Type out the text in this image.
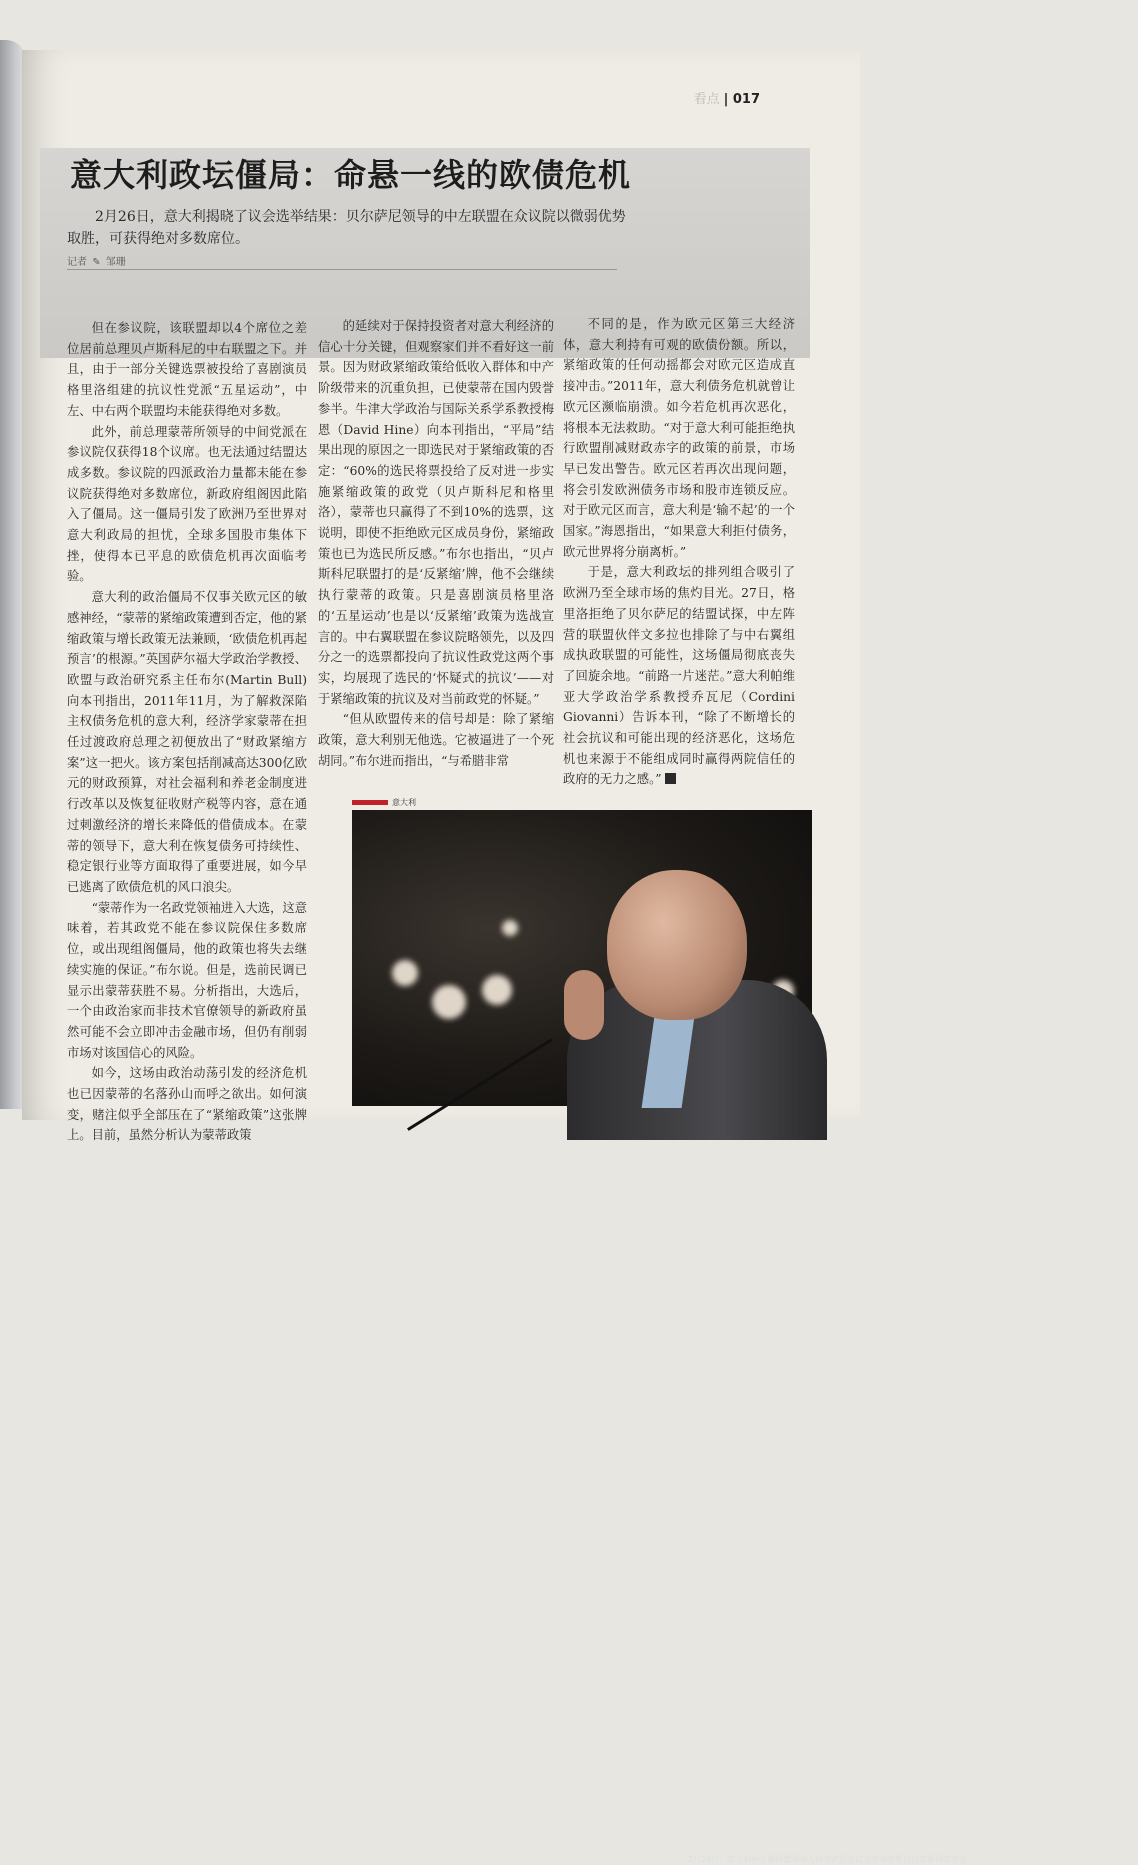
看点 | 017
意大利政坛僵局：命悬一线的欧债危机
2月26日，意大利揭晓了议会选举结果：贝尔萨尼领导的中左联盟在众议院以微弱优势取胜，可获得绝对多数席位。
记者 ✎ 邹珊

但在参议院，该联盟却以4个席位之差位居前总理贝卢斯科尼的中右联盟之下。并且，由于一部分关键选票被投给了喜剧演员格里洛组建的抗议性党派“五星运动”，中左、中右两个联盟均未能获得绝对多数。

此外，前总理蒙蒂所领导的中间党派在参议院仅获得18个议席。也无法通过结盟达成多数。参议院的四派政治力量都未能在参议院获得绝对多数席位，新政府组阁因此陷入了僵局。这一僵局引发了欧洲乃至世界对意大利政局的担忧，全球多国股市集体下挫，使得本已平息的欧债危机再次面临考验。

意大利的政治僵局不仅事关欧元区的敏感神经，“蒙蒂的紧缩政策遭到否定，他的紧缩政策与增长政策无法兼顾，‘欧债危机再起预言’的根源。”英国萨尔福大学政治学教授、欧盟与政治研究系主任布尔(Martin Bull)向本刊指出，2011年11月，为了解救深陷主权债务危机的意大利，经济学家蒙蒂在担任过渡政府总理之初便放出了“财政紧缩方案”这一把火。该方案包括削减高达300亿欧元的财政预算，对社会福利和养老金制度进行改革以及恢复征收财产税等内容，意在通过刺激经济的增长来降低的借债成本。在蒙蒂的领导下，意大利在恢复债务可持续性、稳定银行业等方面取得了重要进展，如今早已逃离了欧债危机的风口浪尖。

“蒙蒂作为一名政党领袖进入大选，这意味着，若其政党不能在参议院保住多数席位，或出现组阁僵局，他的政策也将失去继续实施的保证。”布尔说。但是，选前民调已显示出蒙蒂获胜不易。分析指出，大选后，一个由政治家而非技术官僚领导的新政府虽然可能不会立即冲击金融市场，但仍有削弱市场对该国信心的风险。

如今，这场由政治动荡引发的经济危机也已因蒙蒂的名落孙山而呼之欲出。如何演变，赌注似乎全部压在了“紧缩政策”这张牌上。目前，虽然分析认为蒙蒂政策

的延续对于保持投资者对意大利经济的信心十分关键，但观察家们并不看好这一前景。因为财政紧缩政策给低收入群体和中产阶级带来的沉重负担，已使蒙蒂在国内毁誉参半。牛津大学政治与国际关系学系教授梅恩（David Hine）向本刊指出，“平局”结果出现的原因之一即选民对于紧缩政策的否定：“60%的选民将票投给了反对进一步实施紧缩政策的政党（贝卢斯科尼和格里洛），蒙蒂也只赢得了不到10%的选票，这说明，即使不拒绝欧元区成员身份，紧缩政策也已为选民所反感。”布尔也指出，“贝卢斯科尼联盟打的是‘反紧缩’牌，他不会继续执行蒙蒂的政策。只是喜剧演员格里洛的‘五星运动’也是以‘反紧缩’政策为选战宣言的。中右翼联盟在参议院略领先，以及四分之一的选票都投向了抗议性政党这两个事实，均展现了选民的‘怀疑式的抗议’——对于紧缩政策的抗议及对当前政党的怀疑。”

“但从欧盟传来的信号却是：除了紧缩政策，意大利别无他选。它被逼进了一个死胡同。”布尔进而指出，“与希腊非常

不同的是，作为欧元区第三大经济体，意大利持有可观的欧债份额。所以，紧缩政策的任何动摇都会对欧元区造成直接冲击。”2011年，意大利债务危机就曾让欧元区濒临崩溃。如今若危机再次恶化，将根本无法救助。“对于意大利可能拒绝执行欧盟削减财政赤字的政策的前景，市场早已发出警告。欧元区若再次出现问题，将会引发欧洲债务市场和股市连锁反应。对于欧元区而言，意大利是‘输不起’的一个国家。”海恩指出，“如果意大利拒付债务，欧元世界将分崩离析。”

于是，意大利政坛的排列组合吸引了欧洲乃至全球市场的焦灼目光。27日，格里洛拒绝了贝尔萨尼的结盟试探，中左阵营的联盟伙伴文多拉也排除了与中右翼组成执政联盟的可能性，这场僵局彻底丧失了回旋余地。“前路一片迷茫。”意大利帕维亚大学政治学系教授乔瓦尼（Cordini Giovanni）告诉本刊，“除了不断增长的社会抗议和可能出现的经济恶化，这场危机也来源于不能组成同时赢得两院信任的政府的无力之感。”

意大利
2月26日，意大利中左翼联盟领导人贝尔萨尼在议会选举获胜后出席新闻发布会
